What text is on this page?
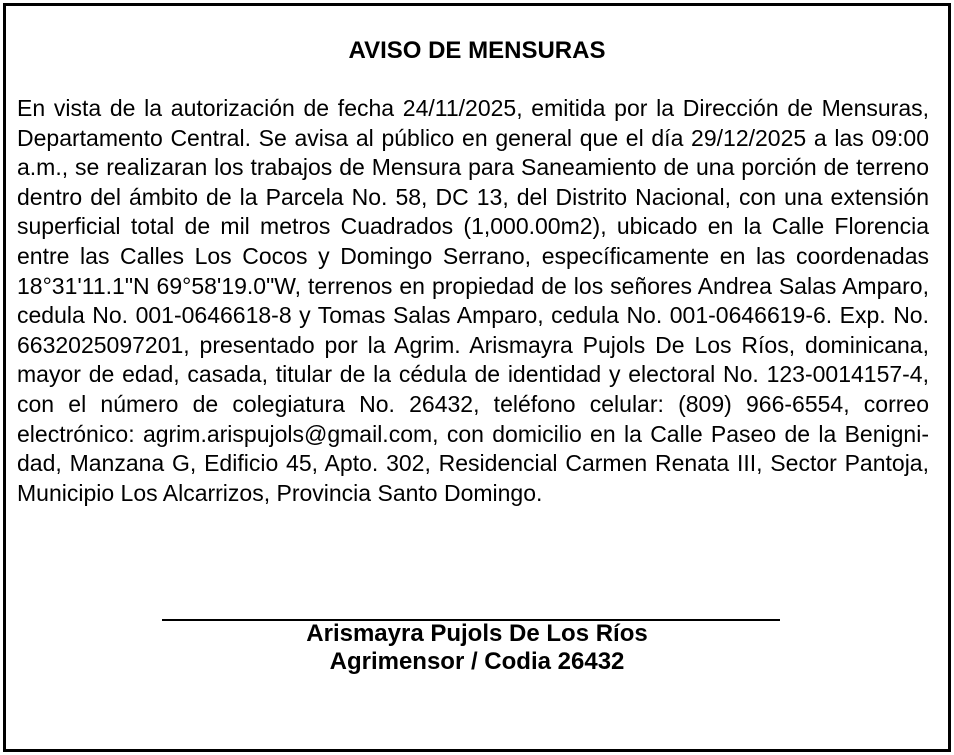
AVISO DE MENSURAS

En vista de la autorización de fecha 24/11/2025, emitida por la Dirección de Mensuras, Departamento Central. Se avisa al público en general que el día 29/12/2025 a las 09:00 a.m., se realizaran los trabajos de Mensura para Saneamiento de una porción de terreno dentro del ámbito de la Parcela No. 58, DC 13, del Distrito Nacional, con una extensión superficial total de mil metros Cuadrados (1,000.00m2), ubicado en la Calle Florencia entre las Calles Los Cocos y Domingo Serrano, específicamente en las coordenadas 18°31'11.1"N 69°58'19.0"W, terrenos en propiedad de los señores Andrea Salas Amparo, cedula No. 001-0646618-8 y Tomas Salas Amparo, cedula No. 001-0646619-6. Exp. No. 6632025097201, presentado por la Agrim. Arismayra Pujols De Los Ríos, dominicana, mayor de edad, casada, titular de la cédula de identidad y electoral No. 123-0014157-4, con el número de colegiatura No. 26432, teléfono celular: (809) 966-6554, correo electrónico: agrim.arispujols@gmail.com, con domicilio en la Calle Paseo de la Benignidad, Manzana G, Edificio 45, Apto. 302, Residencial Carmen Renata III, Sector Pantoja, Municipio Los Alcarrizos, Provincia Santo Domingo.

Arismayra Pujols De Los Ríos

Agrimensor / Codia 26432
